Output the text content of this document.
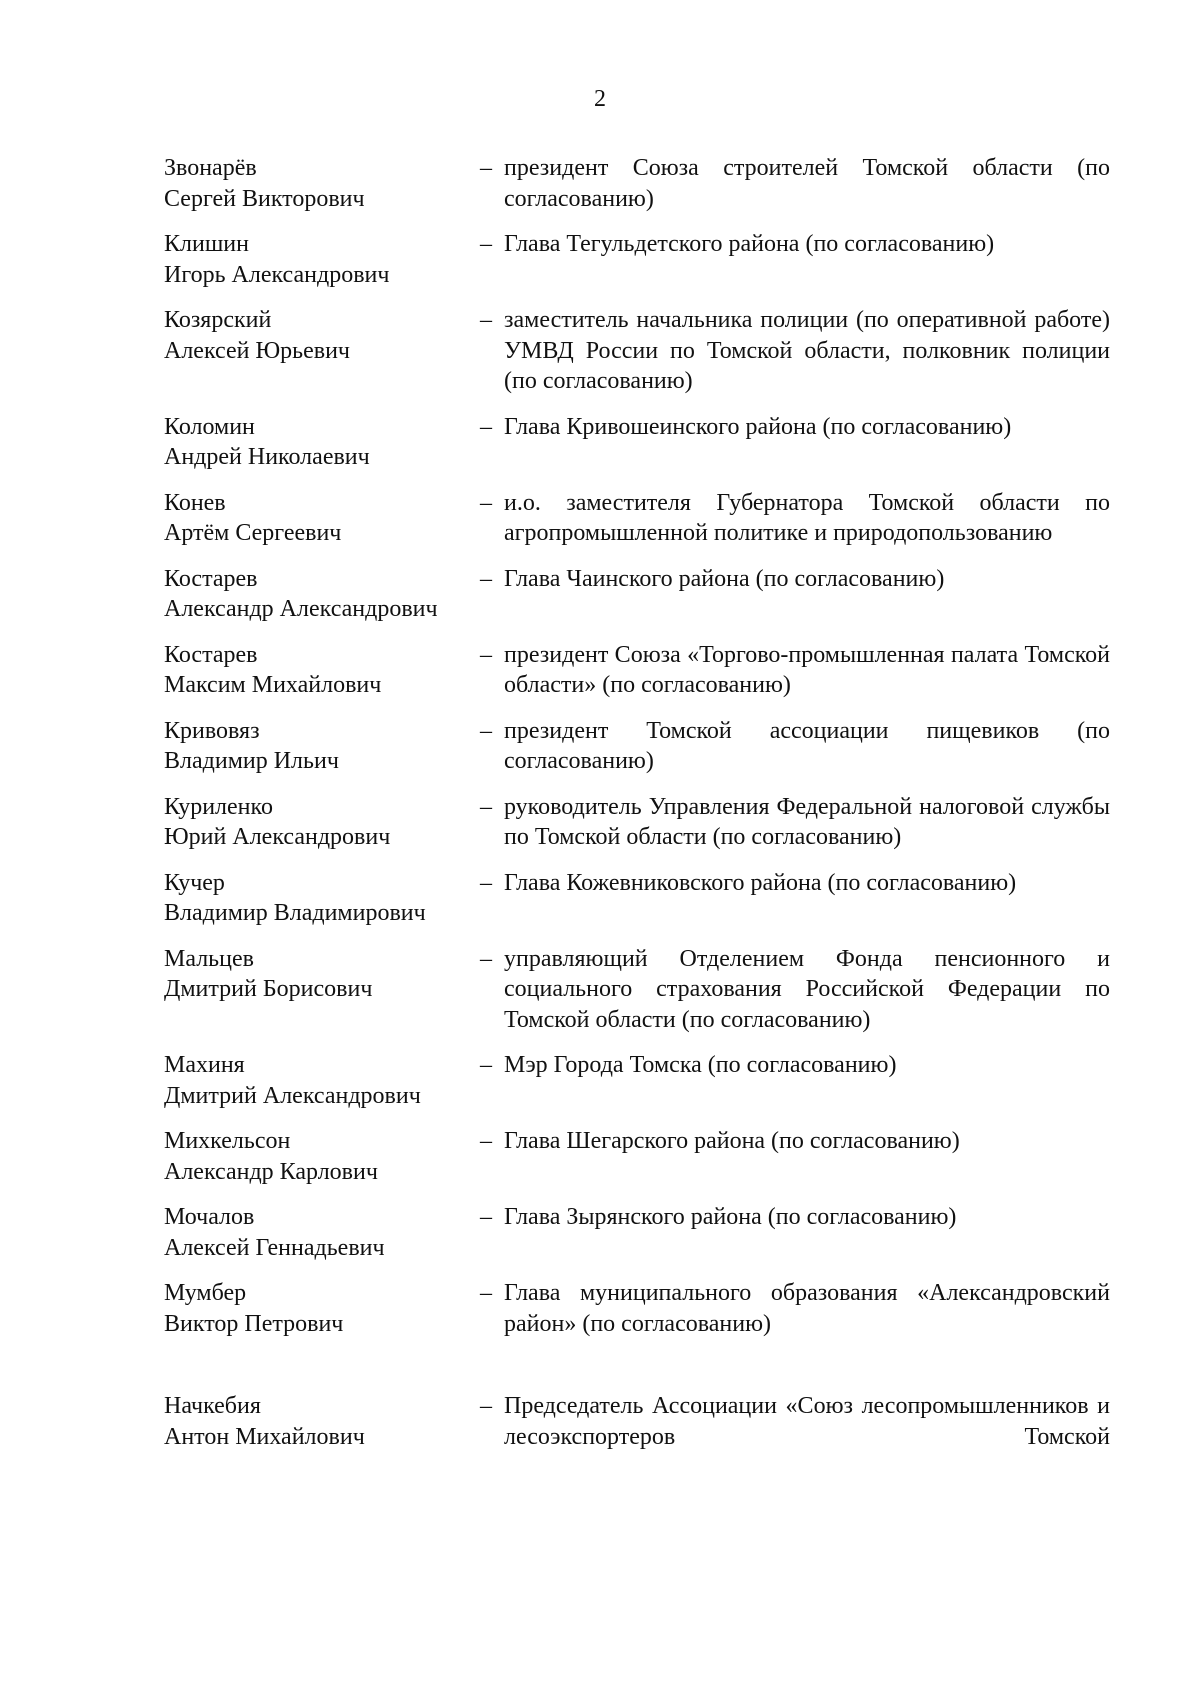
2
Звонарёв
Сергей Викторович
– президент Союза строителей Томской области (по согласованию)
Клишин
Игорь Александрович
– Глава Тегульдетского района (по согласованию)
Козярский
Алексей Юрьевич
– заместитель начальника полиции (по оперативной работе) УМВД России по Томской области, полковник полиции (по согласованию)
Коломин
Андрей Николаевич
– Глава Кривошеинского района (по согласованию)
Конев
Артём Сергеевич
– и.о. заместителя Губернатора Томской области по агропромышленной политике и природопользованию
Костарев
Александр Александрович
– Глава Чаинского района (по согласованию)
Костарев
Максим Михайлович
– президент Союза «Торгово-промышленная палата Томской области» (по согласованию)
Кривовяз
Владимир Ильич
– президент Томской ассоциации пищевиков (по согласованию)
Куриленко
Юрий Александрович
– руководитель Управления Федеральной налоговой службы по Томской области (по согласованию)
Кучер
Владимир Владимирович
– Глава Кожевниковского района (по согласованию)
Мальцев
Дмитрий Борисович
– управляющий Отделением Фонда пенсионного и социального страхования Российской Федерации по Томской области (по согласованию)
Махиня
Дмитрий Александрович
– Мэр Города Томска (по согласованию)
Михкельсон
Александр Карлович
– Глава Шегарского района (по согласованию)
Мочалов
Алексей Геннадьевич
– Глава Зырянского района (по согласованию)
Мумбер
Виктор Петрович
– Глава муниципального образования «Александровский район» (по согласованию)
Начкебия
Антон Михайлович
– Председатель Ассоциации «Союз лесопромышленников и лесоэкспортеров Томской
